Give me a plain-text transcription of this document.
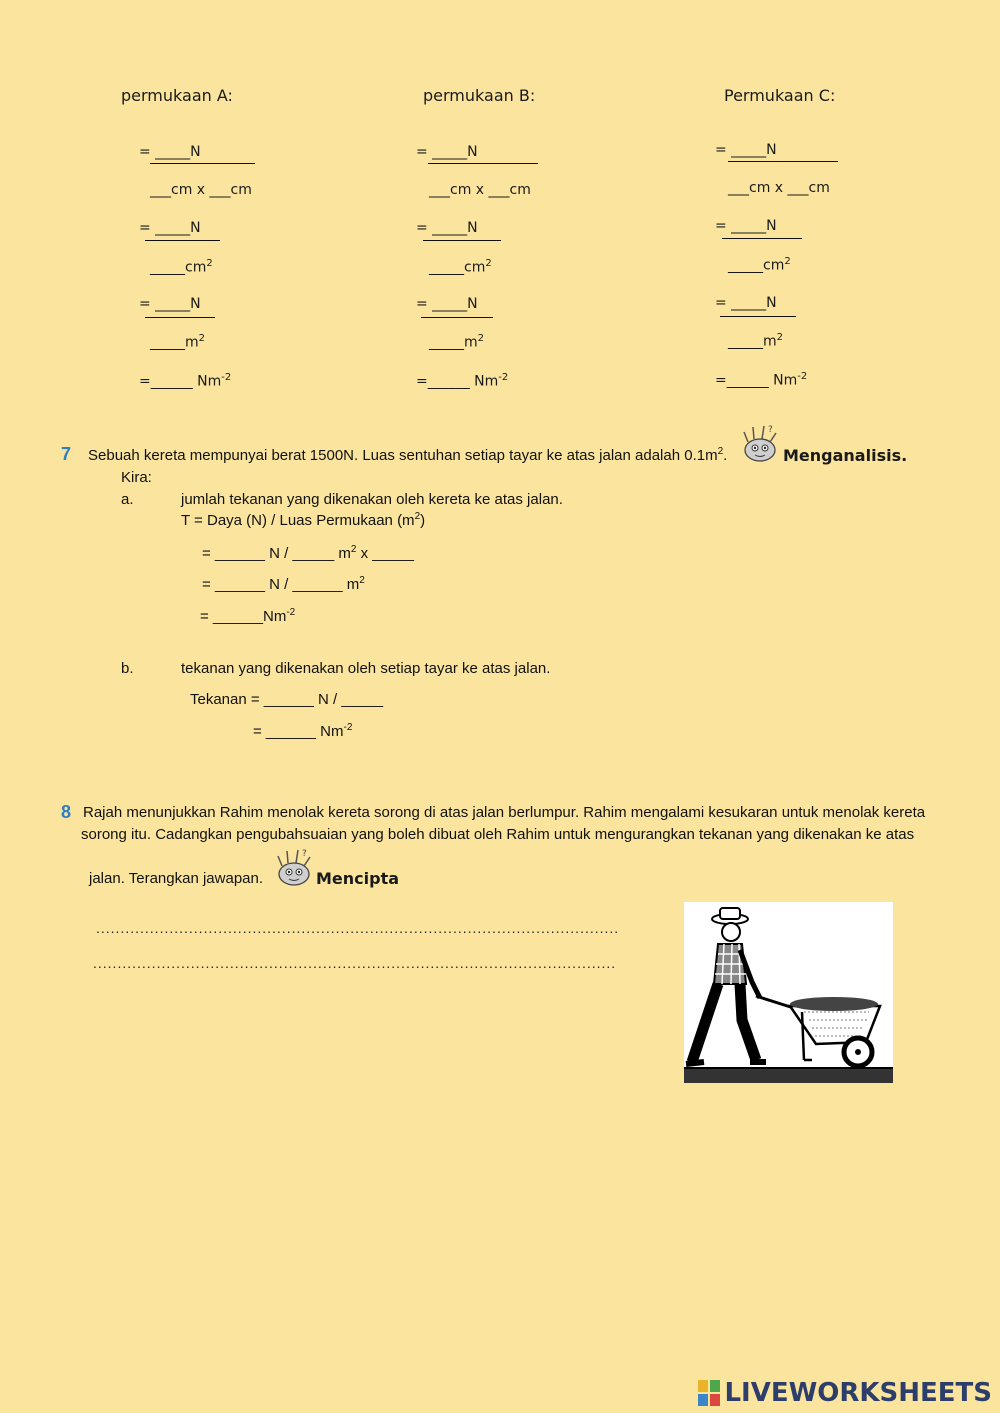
permukaan A:
= _____N
___cm x ___cm
= _____N
$\_\_\_\_\_cm^2$
= _____N
$\_\_\_\_\_m^2$
=______ $Nm^{-2}$
permukaan B:
= _____N
___cm x ___cm
= _____N
$\_\_\_\_\_cm^2$
= _____N
$\_\_\_\_\_m^2$
=______ $Nm^{-2}$
Permukaan C:
= _____N
___cm x ___cm
= _____N
$\_\_\_\_\_cm^2$
= _____N
$\_\_\_\_\_m^2$
=______ $Nm^{-2}$
7 Sebuah kereta mempunyai berat 1500N. Luas sentuhan setiap tayar ke atas jalan adalah $0.1m^2$.
?
Menganalisis.
Kira:
a.	jumlah tekanan yang dikenakan oleh kereta ke atas jalan.
T = Daya (N) / Luas Permukaan $(m^2)$
= ______ N / _____ $m^2$ x _____
= ______ N / ______ $m^2$
= $\_\_\_\_\_\_Nm^{-2}$
b.	tekanan yang dikenakan oleh setiap tayar ke atas jalan.
Tekanan = ______ N / _____
= ______ $Nm^{-2}$
8 Rajah menunjukkan Rahim menolak kereta sorong di atas jalan berlumpur. Rahim mengalami kesukaran untuk menolak kereta
sorong itu. Cadangkan pengubahsuaian yang boleh dibuat oleh Rahim untuk mengurangkan tekanan yang dikenakan ke atas
jalan. Terangkan jawapan.
?
Mencipta
...........................................................................................................
...........................................................................................................
LIVEWORKSHEETS
